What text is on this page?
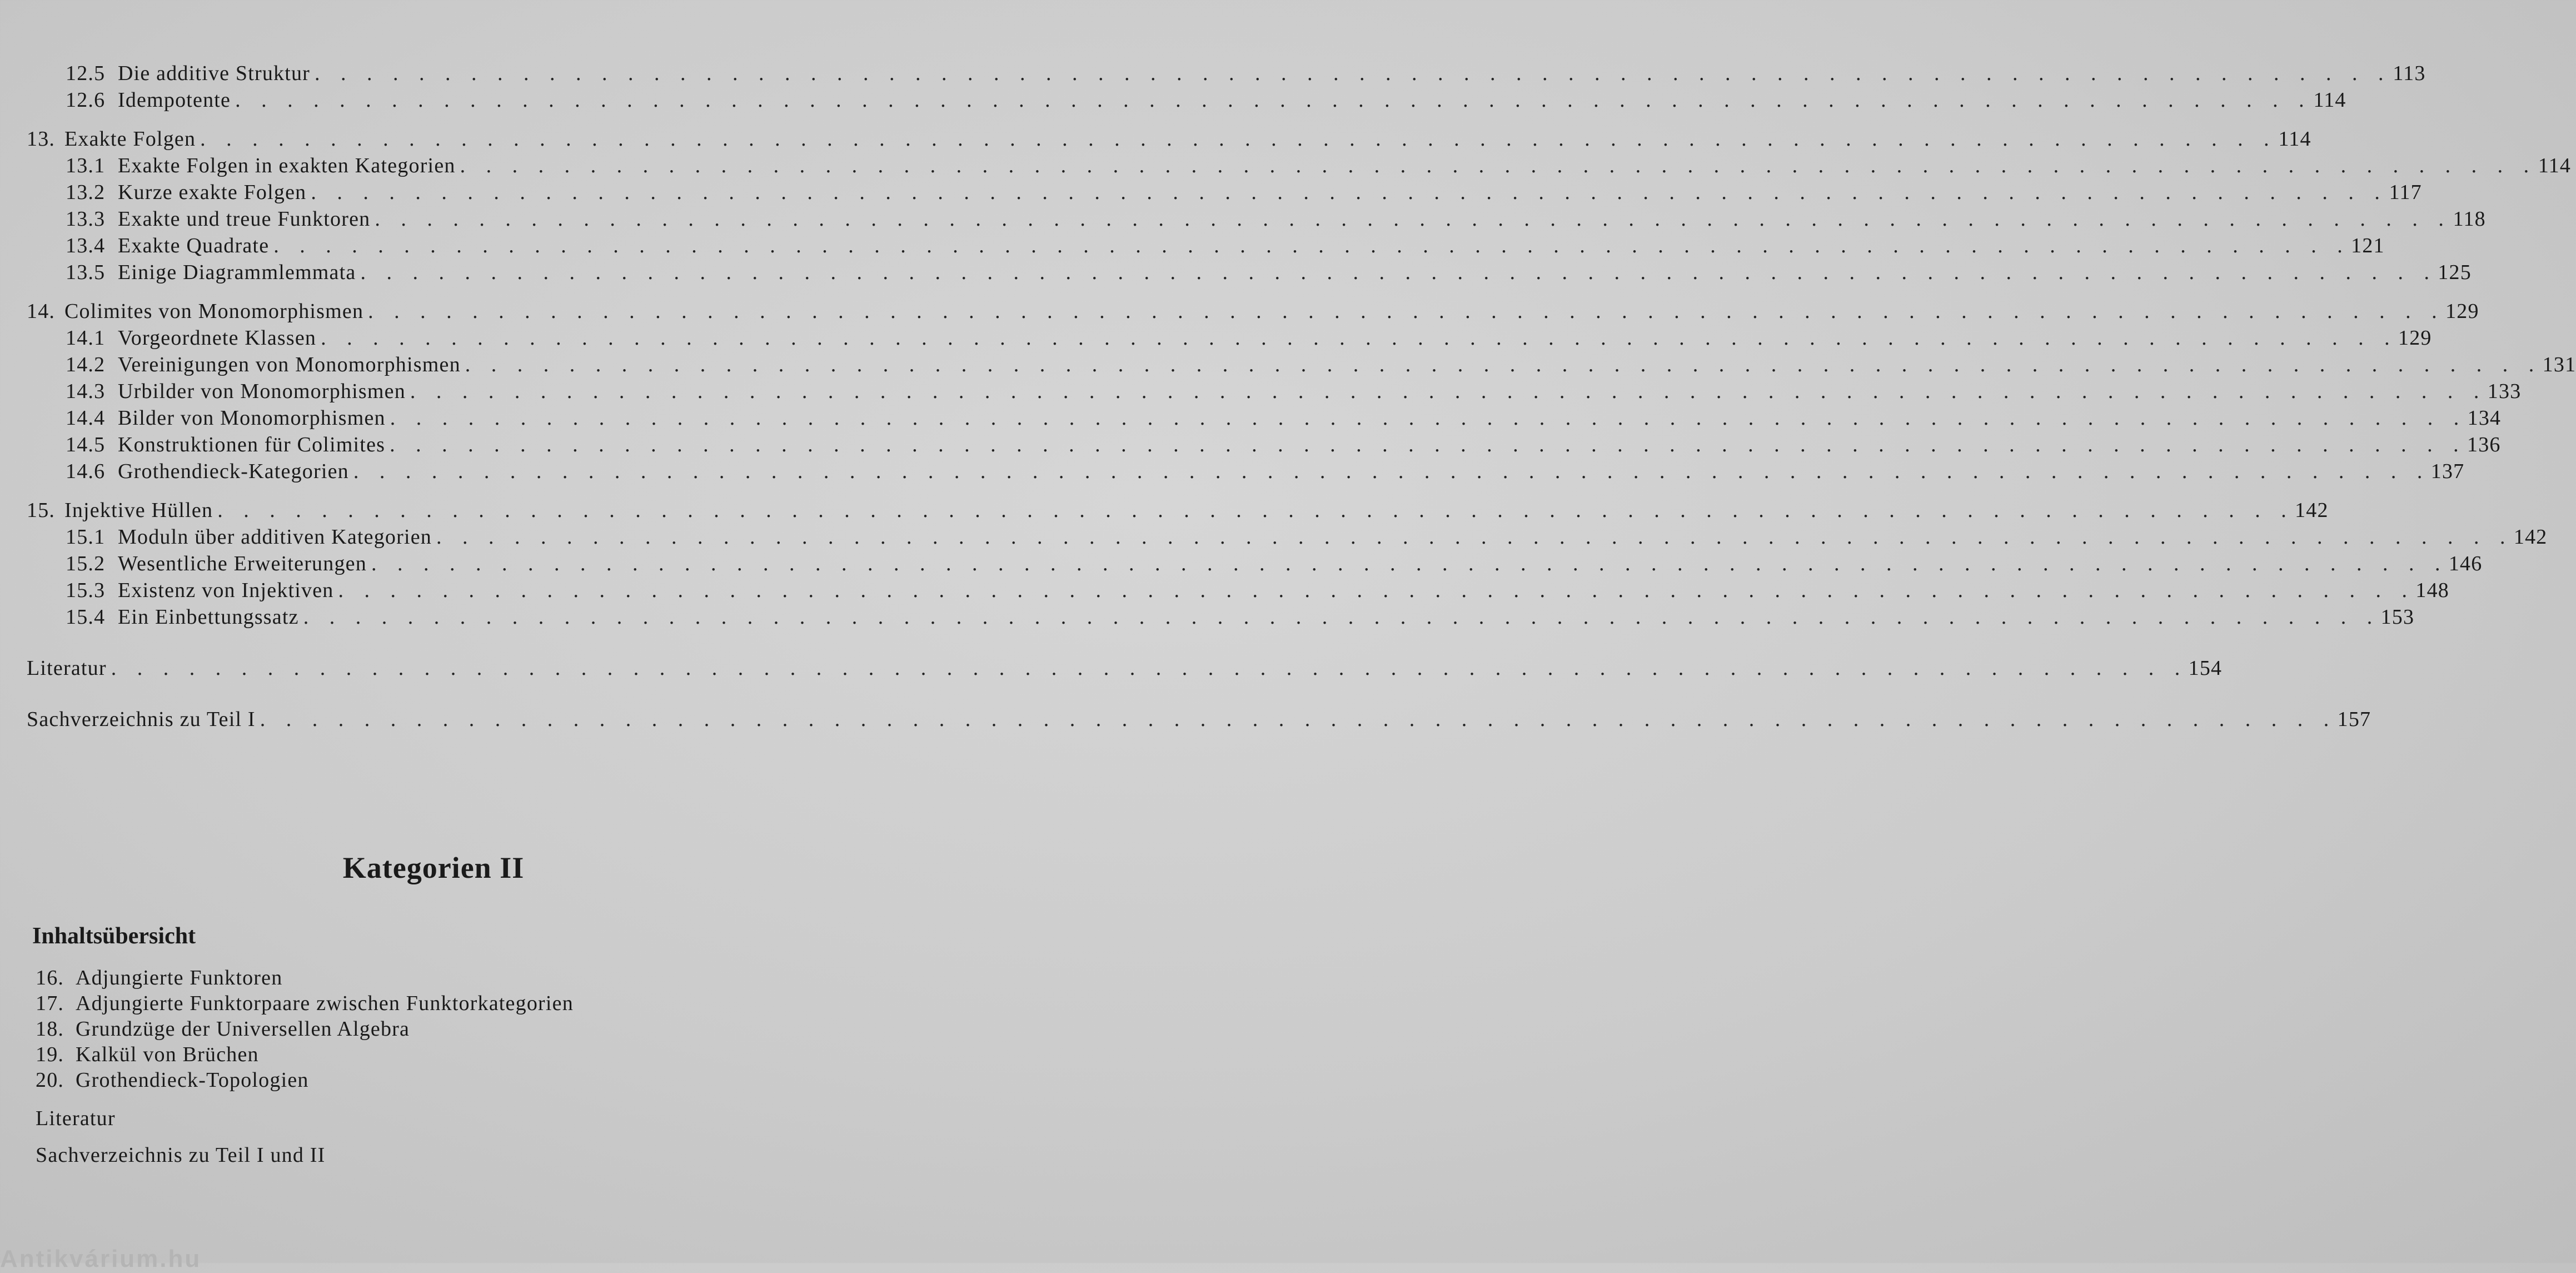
12.5 Die additive Struktur . . . . . . . . . . . . . . . . . . . . . . . . . . . . . . . . . . . . . . . . . . . . . . . . . . . . . . . . . . . . . . . . . . . . . . . . . . . . . . . . 113
12.6 Idempotente . . . . . . . . . . . . . . . . . . . . . . . . . . . . . . . . . . . . . . . . . . . . . . . . . . . . . . . . . . . . . . . . . . . . . . . . . . . . . . . . 114
13. Exakte Folgen . . . . . . . . . . . . . . . . . . . . . . . . . . . . . . . . . . . . . . . . . . . . . . . . . . . . . . . . . . . . . . . . . . . . . . . . . . . . . . . . 114
13.1 Exakte Folgen in exakten Kategorien . . . . . . . . . . . . . . . . . . . . . . . . . . . . . . . . . . . . . . . . . . . . . . . . . . . . . . . . . . . . . . . . . . . . . . . . . . . . . . . . 114
13.2 Kurze exakte Folgen . . . . . . . . . . . . . . . . . . . . . . . . . . . . . . . . . . . . . . . . . . . . . . . . . . . . . . . . . . . . . . . . . . . . . . . . . . . . . . . . 117
13.3 Exakte und treue Funktoren . . . . . . . . . . . . . . . . . . . . . . . . . . . . . . . . . . . . . . . . . . . . . . . . . . . . . . . . . . . . . . . . . . . . . . . . . . . . . . . . 118
13.4 Exakte Quadrate . . . . . . . . . . . . . . . . . . . . . . . . . . . . . . . . . . . . . . . . . . . . . . . . . . . . . . . . . . . . . . . . . . . . . . . . . . . . . . . . 121
13.5 Einige Diagrammlemmata . . . . . . . . . . . . . . . . . . . . . . . . . . . . . . . . . . . . . . . . . . . . . . . . . . . . . . . . . . . . . . . . . . . . . . . . . . . . . . . . 125
14. Colimites von Monomorphismen . . . . . . . . . . . . . . . . . . . . . . . . . . . . . . . . . . . . . . . . . . . . . . . . . . . . . . . . . . . . . . . . . . . . . . . . . . . . . . . . 129
14.1 Vorgeordnete Klassen . . . . . . . . . . . . . . . . . . . . . . . . . . . . . . . . . . . . . . . . . . . . . . . . . . . . . . . . . . . . . . . . . . . . . . . . . . . . . . . . 129
14.2 Vereinigungen von Monomorphismen . . . . . . . . . . . . . . . . . . . . . . . . . . . . . . . . . . . . . . . . . . . . . . . . . . . . . . . . . . . . . . . . . . . . . . . . . . . . . . . . 131
14.3 Urbilder von Monomorphismen . . . . . . . . . . . . . . . . . . . . . . . . . . . . . . . . . . . . . . . . . . . . . . . . . . . . . . . . . . . . . . . . . . . . . . . . . . . . . . . . 133
14.4 Bilder von Monomorphismen . . . . . . . . . . . . . . . . . . . . . . . . . . . . . . . . . . . . . . . . . . . . . . . . . . . . . . . . . . . . . . . . . . . . . . . . . . . . . . . . 134
14.5 Konstruktionen für Colimites . . . . . . . . . . . . . . . . . . . . . . . . . . . . . . . . . . . . . . . . . . . . . . . . . . . . . . . . . . . . . . . . . . . . . . . . . . . . . . . . 136
14.6 Grothendieck-Kategorien . . . . . . . . . . . . . . . . . . . . . . . . . . . . . . . . . . . . . . . . . . . . . . . . . . . . . . . . . . . . . . . . . . . . . . . . . . . . . . . . 137
15. Injektive Hüllen . . . . . . . . . . . . . . . . . . . . . . . . . . . . . . . . . . . . . . . . . . . . . . . . . . . . . . . . . . . . . . . . . . . . . . . . . . . . . . . . 142
15.1 Moduln über additiven Kategorien . . . . . . . . . . . . . . . . . . . . . . . . . . . . . . . . . . . . . . . . . . . . . . . . . . . . . . . . . . . . . . . . . . . . . . . . . . . . . . . . 142
15.2 Wesentliche Erweiterungen . . . . . . . . . . . . . . . . . . . . . . . . . . . . . . . . . . . . . . . . . . . . . . . . . . . . . . . . . . . . . . . . . . . . . . . . . . . . . . . . 146
15.3 Existenz von Injektiven . . . . . . . . . . . . . . . . . . . . . . . . . . . . . . . . . . . . . . . . . . . . . . . . . . . . . . . . . . . . . . . . . . . . . . . . . . . . . . . . 148
15.4 Ein Einbettungssatz . . . . . . . . . . . . . . . . . . . . . . . . . . . . . . . . . . . . . . . . . . . . . . . . . . . . . . . . . . . . . . . . . . . . . . . . . . . . . . . . 153
Literatur . . . . . . . . . . . . . . . . . . . . . . . . . . . . . . . . . . . . . . . . . . . . . . . . . . . . . . . . . . . . . . . . . . . . . . . . . . . . . . . . 154
Sachverzeichnis zu Teil I . . . . . . . . . . . . . . . . . . . . . . . . . . . . . . . . . . . . . . . . . . . . . . . . . . . . . . . . . . . . . . . . . . . . . . . . . . . . . . . . 157
Kategorien II
Inhaltsübersicht
16. Adjungierte Funktoren
17. Adjungierte Funktorpaare zwischen Funktorkategorien
18. Grundzüge der Universellen Algebra
19. Kalkül von Brüchen
20. Grothendieck-Topologien
Literatur
Sachverzeichnis zu Teil I und II
Antikvárium.hu
